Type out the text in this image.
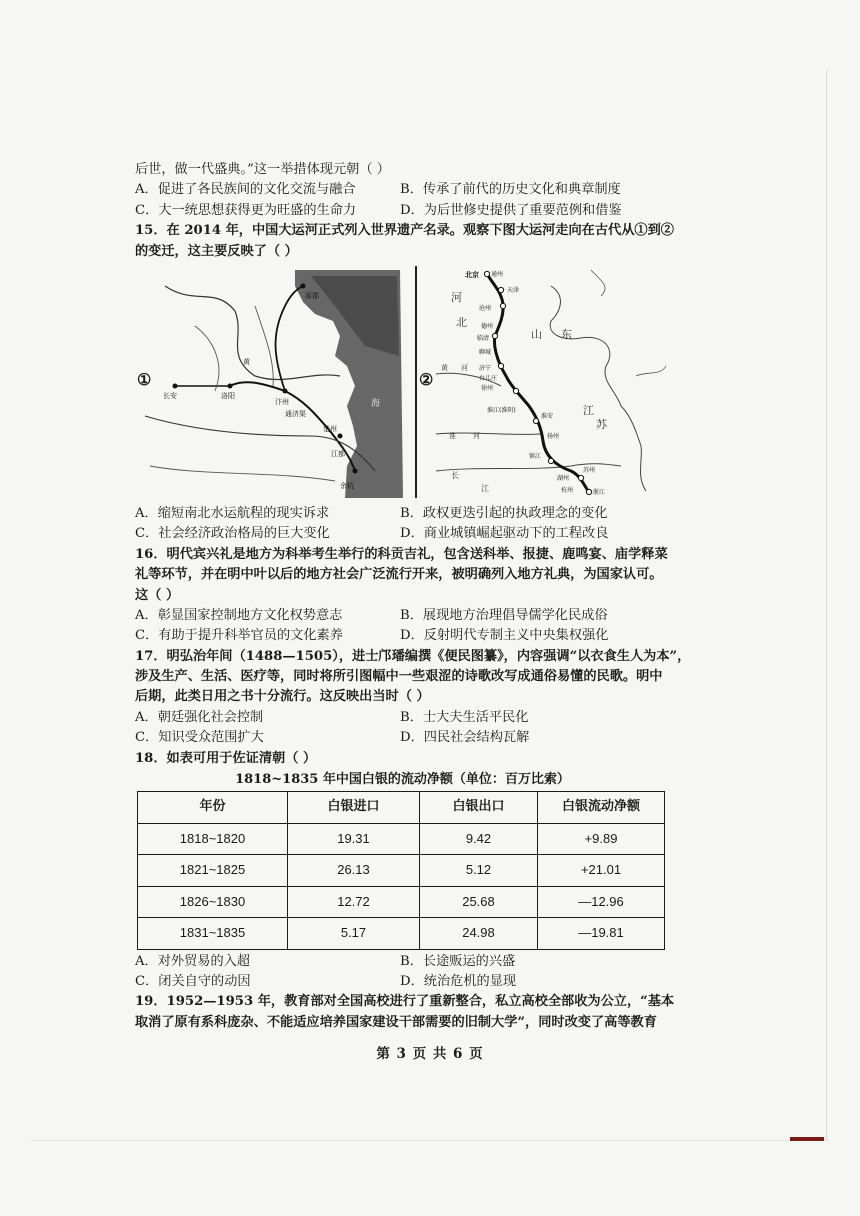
后世，做一代盛典。”这一举措体现元朝（ ）
A．促进了各民族间的文化交流与融合	B．传承了前代的历史文化和典章制度
C．大一统思想获得更为旺盛的生命力	D．为后世修史提供了重要范例和借鉴
15．在 2014 年，中国大运河正式列入世界遗产名录。观察下图大运河走向在古代从①到②
的变迁，这主要反映了（ ）
①
涿郡
黄
洛阳
长安
汴州
通济渠
楚州
江都
余杭
海
②
北京 通州
天津
河
沧州
北 德州
临清	山 东
聊城
黄 河 济宁
台儿庄
徐州
淮江(淮阴)
淮安	江
苏
淮 河	扬州
镇江
长
江
苏州
湖州
杭州	浙江
A．缩短南北水运航程的现实诉求	B．政权更迭引起的执政理念的变化
C．社会经济政治格局的巨大变化	D．商业城镇崛起驱动下的工程改良
16．明代宾兴礼是地方为科举考生举行的科贡吉礼，包含送科举、报捷、鹿鸣宴、庙学释菜
礼等环节，并在明中叶以后的地方社会广泛流行开来，被明确列入地方礼典，为国家认可。
这（ ）
A．彰显国家控制地方文化权势意志	B．展现地方治理倡导儒学化民成俗
C．有助于提升科举官员的文化素养	D．反射明代专制主义中央集权强化
17．明弘治年间（1488—1505），进士邝璠编撰《便民图纂》，内容强调“以衣食生人为本”，
涉及生产、生活、医疗等，同时将所引图幅中一些艰涩的诗歌改写成通俗易懂的民歌。明中
后期，此类日用之书十分流行。这反映出当时（ ）
A．朝廷强化社会控制	B．士大夫生活平民化
C．知识受众范围扩大	D．四民社会结构瓦解
18．如表可用于佐证清朝（ ）
1818~1835 年中国白银的流动净额（单位：百万比索）
年份	白银进口	白银出口	白银流动净额
1818~1820	19.31	9.42	+9.89
1821~1825	26.13	5.12	+21.01
1826~1830	12.72	25.68	—12.96
1831~1835	5.17	24.98	—19.81
A．对外贸易的入超	B．长途贩运的兴盛
C．闭关自守的动因	D．统治危机的显现
19．1952—1953 年，教育部对全国高校进行了重新整合，私立高校全部收为公立，“基本
取消了原有系科庞杂、不能适应培养国家建设干部需要的旧制大学”，同时改变了高等教育
第 3 页 共 6 页
